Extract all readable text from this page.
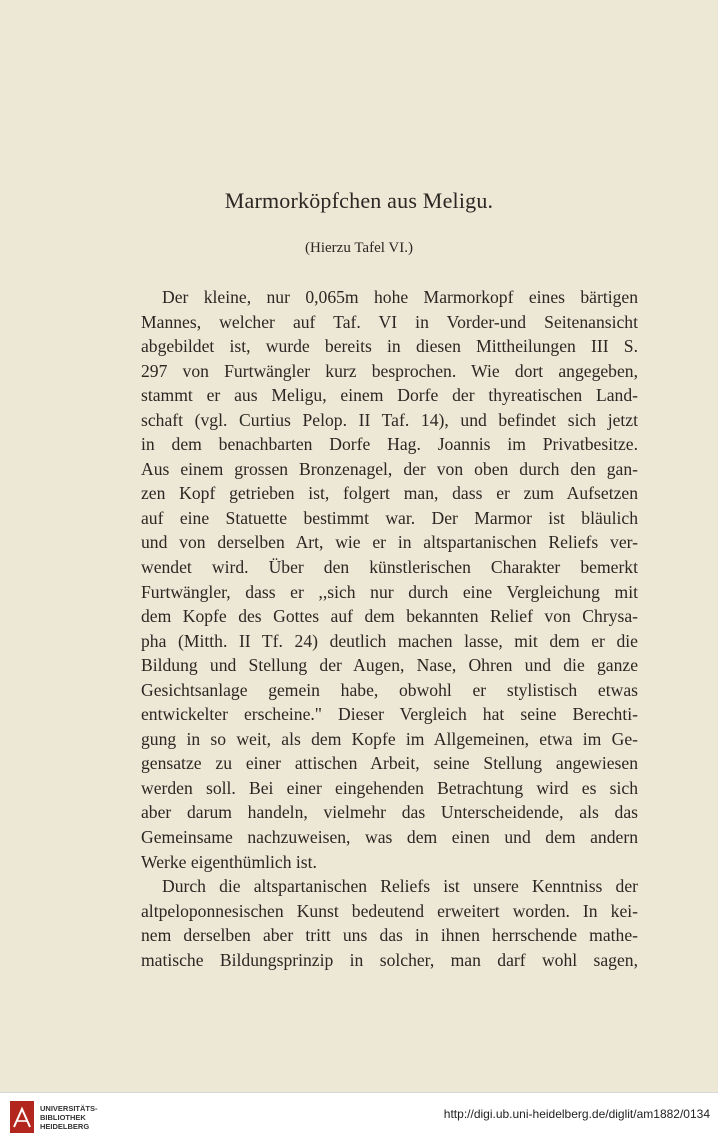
Marmorköpfchen aus Meligu.
(Hierzu Tafel VI.)
Der kleine, nur 0,065m hohe Marmorkopf eines bärtigen
Mannes, welcher auf Taf. VI in Vorder-und Seitenansicht
abgebildet ist, wurde bereits in diesen Mittheilungen III S.
297 von Furtwängler kurz besprochen. Wie dort angegeben,
stammt er aus Meligu, einem Dorfe der thyreatischen Land-
schaft (vgl. Curtius Pelop. II Taf. 14), und befindet sich jetzt
in dem benachbarten Dorfe Hag. Joannis im Privatbesitze.
Aus einem grossen Bronzenagel, der von oben durch den gan-
zen Kopf getrieben ist, folgert man, dass er zum Aufsetzen
auf eine Statuette bestimmt war. Der Marmor ist bläulich
und von derselben Art, wie er in altspartanischen Reliefs ver-
wendet wird. Über den künstlerischen Charakter bemerkt
Furtwängler, dass er ,,sich nur durch eine Vergleichung mit
dem Kopfe des Gottes auf dem bekannten Relief von Chrysa-
pha (Mitth. II Tf. 24) deutlich machen lasse, mit dem er die
Bildung und Stellung der Augen, Nase, Ohren und die ganze
Gesichtsanlage gemein habe, obwohl er stylistisch etwas
entwickelter erscheine." Dieser Vergleich hat seine Berechti-
gung in so weit, als dem Kopfe im Allgemeinen, etwa im Ge-
gensatze zu einer attischen Arbeit, seine Stellung angewiesen
werden soll. Bei einer eingehenden Betrachtung wird es sich
aber darum handeln, vielmehr das Unterscheidende, als das
Gemeinsame nachzuweisen, was dem einen und dem andern
Werke eigenthümlich ist.
Durch die altspartanischen Reliefs ist unsere Kenntniss der
altpeloponnesischen Kunst bedeutend erweitert worden. In kei-
nem derselben aber tritt uns das in ihnen herrschende mathe-
matische Bildungsprinzip in solcher, man darf wohl sagen,
UNIVERSITÄTS-
BIBLIOTHEK
HEIDELBERG
http://digi.ub.uni-heidelberg.de/diglit/am1882/0134
